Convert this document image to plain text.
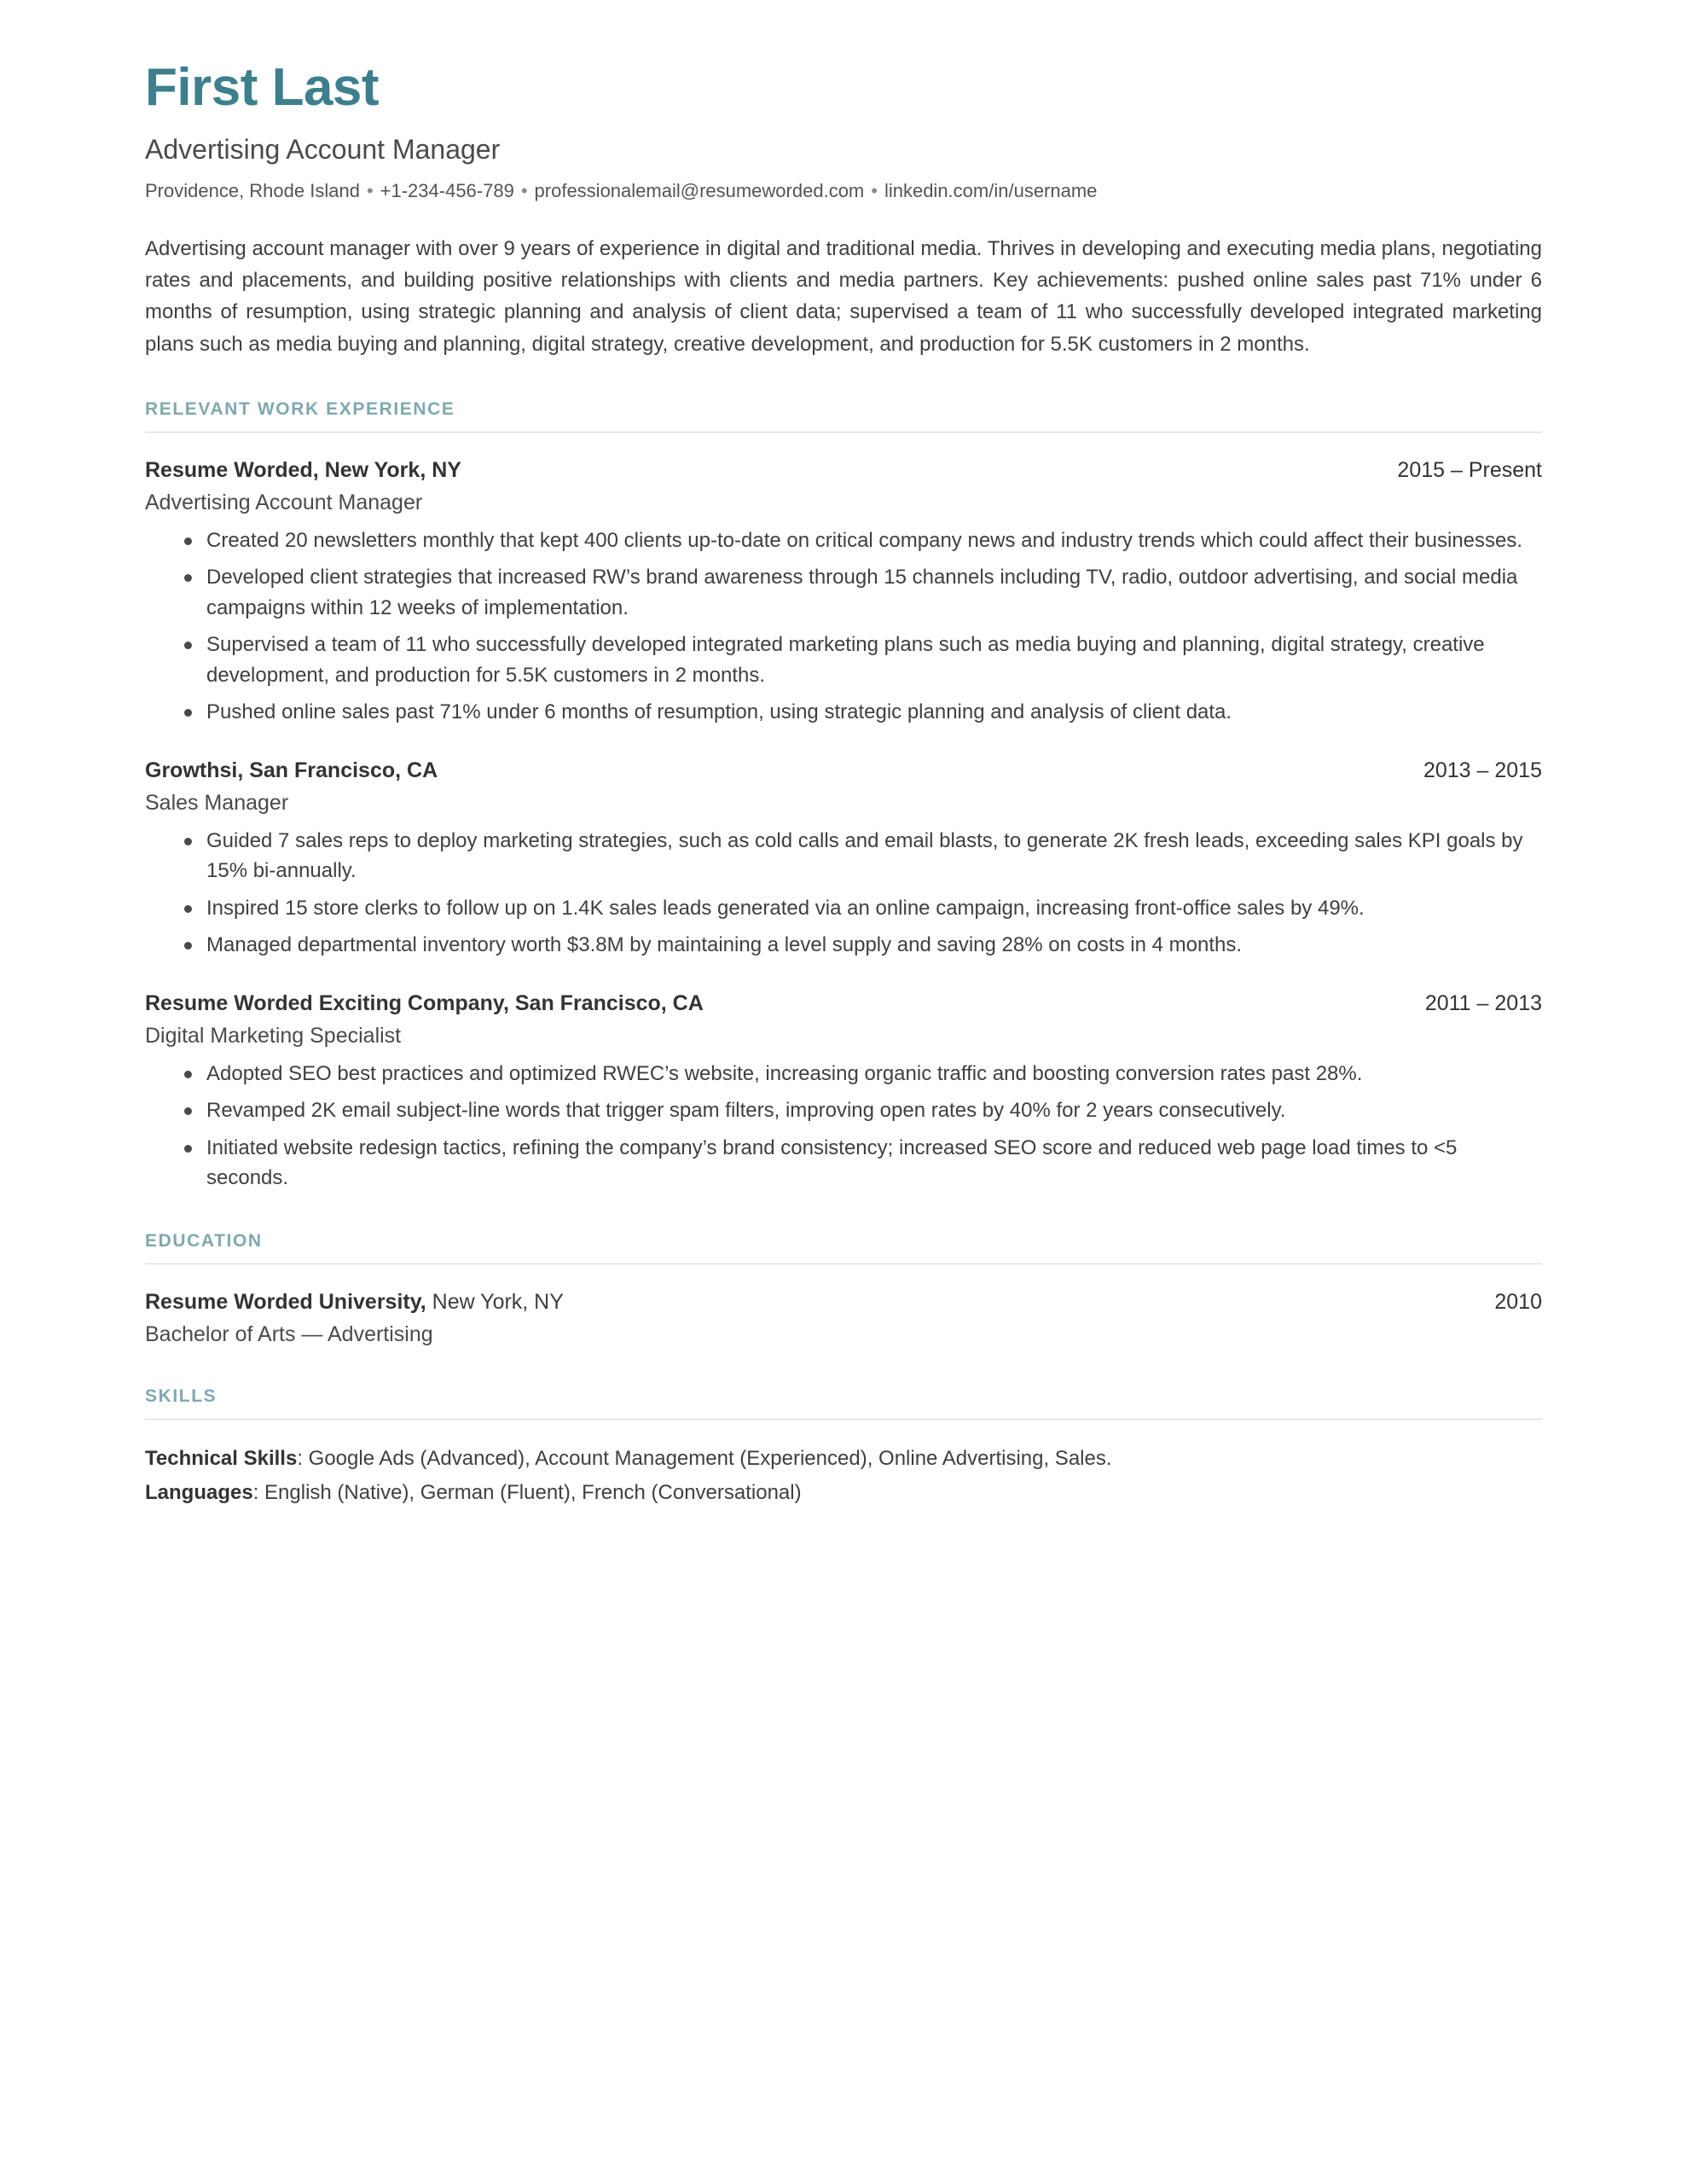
First Last
Advertising Account Manager
Providence, Rhode Island • +1-234-456-789 • professionalemail@resumeworded.com • linkedin.com/in/username

Advertising account manager with over 9 years of experience in digital and traditional media. Thrives in developing and executing media plans, negotiating rates and placements, and building positive relationships with clients and media partners. Key achievements: pushed online sales past 71% under 6 months of resumption, using strategic planning and analysis of client data; supervised a team of 11 who successfully developed integrated marketing plans such as media buying and planning, digital strategy, creative development, and production for 5.5K customers in 2 months.

RELEVANT WORK EXPERIENCE
Resume Worded, New York, NY	2015 – Present
Advertising Account Manager
Created 20 newsletters monthly that kept 400 clients up-to-date on critical company news and industry trends which could affect their businesses.
Developed client strategies that increased RW’s brand awareness through 15 channels including TV, radio, outdoor advertising, and social media campaigns within 12 weeks of implementation.
Supervised a team of 11 who successfully developed integrated marketing plans such as media buying and planning, digital strategy, creative development, and production for 5.5K customers in 2 months.
Pushed online sales past 71% under 6 months of resumption, using strategic planning and analysis of client data.
Growthsi, San Francisco, CA	2013 – 2015
Sales Manager
Guided 7 sales reps to deploy marketing strategies, such as cold calls and email blasts, to generate 2K fresh leads, exceeding sales KPI goals by 15% bi-annually.
Inspired 15 store clerks to follow up on 1.4K sales leads generated via an online campaign, increasing front-office sales by 49%.
Managed departmental inventory worth $3.8M by maintaining a level supply and saving 28% on costs in 4 months.
Resume Worded Exciting Company, San Francisco, CA	2011 – 2013
Digital Marketing Specialist
Adopted SEO best practices and optimized RWEC’s website, increasing organic traffic and boosting conversion rates past 28%.
Revamped 2K email subject-line words that trigger spam filters, improving open rates by 40% for 2 years consecutively.
Initiated website redesign tactics, refining the company’s brand consistency; increased SEO score and reduced web page load times to <5 seconds.
EDUCATION
Resume Worded University, New York, NY	2010
Bachelor of Arts — Advertising
SKILLS
Technical Skills: Google Ads (Advanced), Account Management (Experienced), Online Advertising, Sales.
Languages: English (Native), German (Fluent), French (Conversational)
